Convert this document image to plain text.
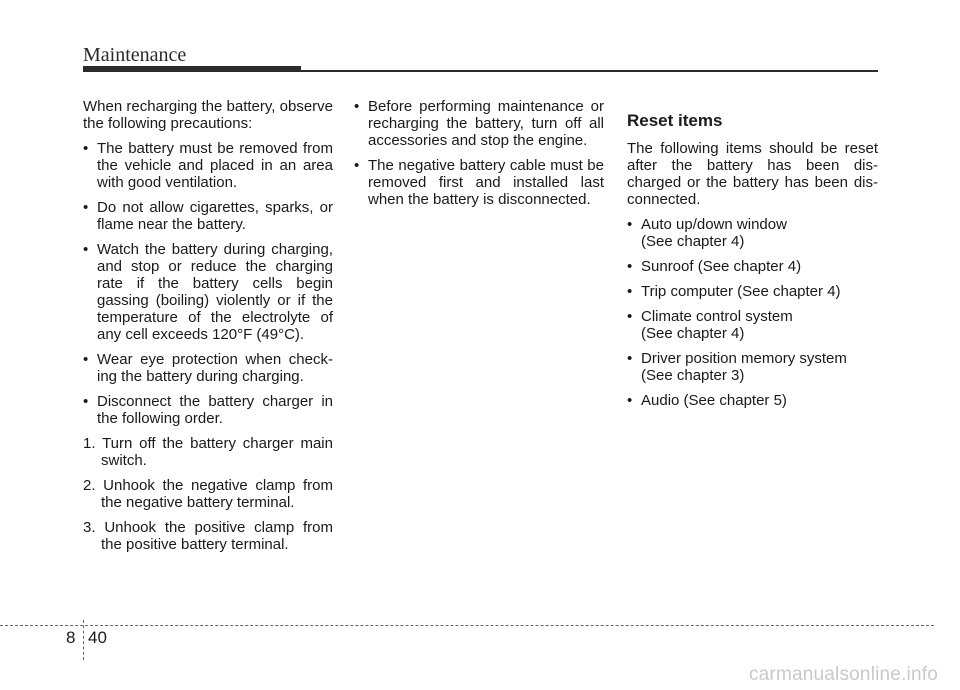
Maintenance

When recharging the battery, observe the following precautions:

• The battery must be removed from the vehicle and placed in an area with good ventilation.
• Do not allow cigarettes, sparks, or flame near the battery.
• Watch the battery during charging, and stop or reduce the charging rate if the battery cells begin gassing (boiling) violently or if the temperature of the electrolyte of any cell exceeds 120°F (49°C).
• Wear eye protection when check- ing the battery during charging.
• Disconnect the battery charger in the following order.
1. Turn off the battery charger main switch.
2. Unhook the negative clamp from the negative battery terminal.
3. Unhook the positive clamp from the positive battery terminal.
• Before performing maintenance or recharging the battery, turn off all accessories and stop the engine.
• The negative battery cable must be removed first and installed last when the battery is disconnected.

Reset items

The following items should be reset after the battery has been dis- charged or the battery has been dis- connected.

• Auto up/down window
(See chapter 4)
• Sunroof (See chapter 4)
• Trip computer (See chapter 4)
• Climate control system
(See chapter 4)
• Driver position memory system
(See chapter 3)
• Audio (See chapter 5)
8 40
carmanualsonline.info
